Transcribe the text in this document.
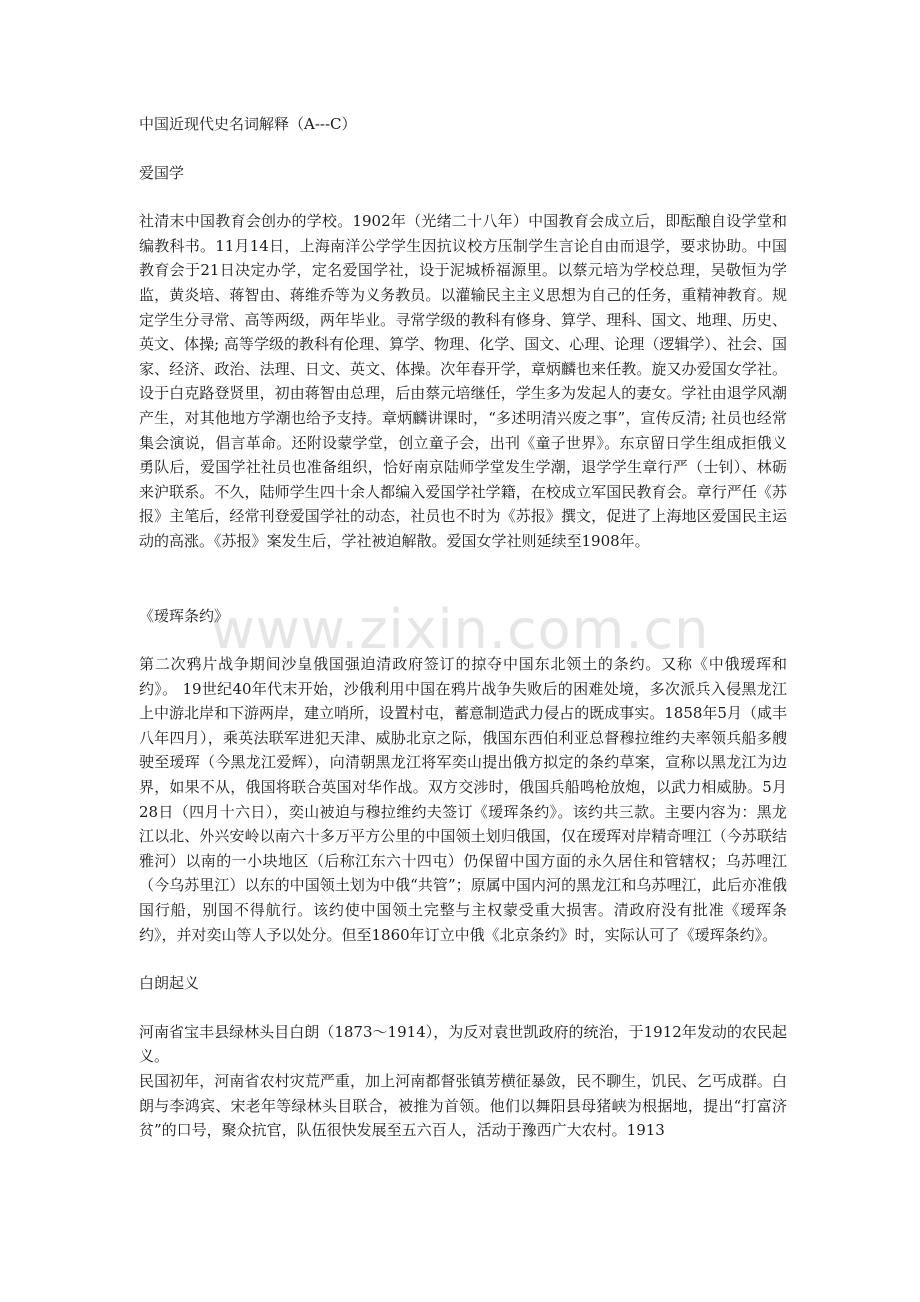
www.zixin.com.cn

中国近现代史名词解释（A---C）

爱国学

社清末中国教育会创办的学校。1902年（光绪二十八年）中国教育会成立后，即酝酿自设学堂和编教科书。11月14日，上海南洋公学学生因抗议校方压制学生言论自由而退学，要求协助。中国教育会于21日决定办学，定名爱国学社，设于泥城桥福源里。以蔡元培为学校总理，吴敬恒为学监，黄炎培、蒋智由、蒋维乔等为义务教员。以灌输民主主义思想为自己的任务，重精神教育。规定学生分寻常、高等两级，两年毕业。寻常学级的教科有修身、算学、理科、国文、地理、历史、英文、体操; 高等学级的教科有伦理、算学、物理、化学、国文、心理、论理（逻辑学）、社会、国家、经济、政治、法理、日文、英文、体操。次年春开学，章炳麟也来任教。旋又办爱国女学社。设于白克路登贤里，初由蒋智由总理，后由蔡元培继任，学生多为发起人的妻女。学社由退学风潮产生，对其他地方学潮也给予支持。章炳麟讲课时，“多述明清兴废之事”，宣传反清; 社员也经常集会演说，倡言革命。还附设蒙学堂，创立童子会，出刊《童子世界》。东京留日学生组成拒俄义勇队后，爱国学社社员也准备组织，恰好南京陆师学堂发生学潮，退学学生章行严（士钊）、林砺来沪联系。不久，陆师学生四十余人都编入爱国学社学籍，在校成立军国民教育会。章行严任《苏报》主笔后，经常刊登爱国学社的动态，社员也不时为《苏报》撰文，促进了上海地区爱国民主运动的高涨。《苏报》案发生后，学社被迫解散。爱国女学社则延续至1908年。

《瑷珲条约》

第二次鸦片战争期间沙皇俄国强迫清政府签订的掠夺中国东北领土的条约。又称《中俄瑷珲和约》。 19世纪40年代末开始，沙俄利用中国在鸦片战争失败后的困难处境，多次派兵入侵黑龙江上中游北岸和下游两岸，建立哨所，设置村屯，蓄意制造武力侵占的既成事实。1858年5月（咸丰八年四月），乘英法联军进犯天津、威胁北京之际，俄国东西伯利亚总督穆拉维约夫率领兵船多艘驶至瑷珲（今黑龙江爱辉），向清朝黑龙江将军奕山提出俄方拟定的条约草案，宣称以黑龙江为边界，如果不从，俄国将联合英国对华作战。双方交涉时，俄国兵船鸣枪放炮，以武力相威胁。5月28日（四月十六日），奕山被迫与穆拉维约夫签订《瑷珲条约》。该约共三款。主要内容为：黑龙江以北、外兴安岭以南六十多万平方公里的中国领土划归俄国，仅在瑷珲对岸精奇哩江（今苏联结雅河）以南的一小块地区（后称江东六十四屯）仍保留中国方面的永久居住和管辖权；乌苏哩江（今乌苏里江）以东的中国领土划为中俄“共管”；原属中国内河的黑龙江和乌苏哩江，此后亦准俄国行船，别国不得航行。该约使中国领土完整与主权蒙受重大损害。清政府没有批准《瑷珲条约》，并对奕山等人予以处分。但至1860年订立中俄《北京条约》时，实际认可了《瑷珲条约》。

白朗起义

河南省宝丰县绿林头目白朗（1873～1914），为反对袁世凯政府的统治，于1912年发动的农民起义。

民国初年，河南省农村灾荒严重，加上河南都督张镇芳横征暴敛，民不聊生，饥民、乞丐成群。白朗与李鸿宾、宋老年等绿林头目联合，被推为首领。他们以舞阳县母猪峡为根据地，提出“打富济贫”的口号，聚众抗官，队伍很快发展至五六百人，活动于豫西广大农村。1913
